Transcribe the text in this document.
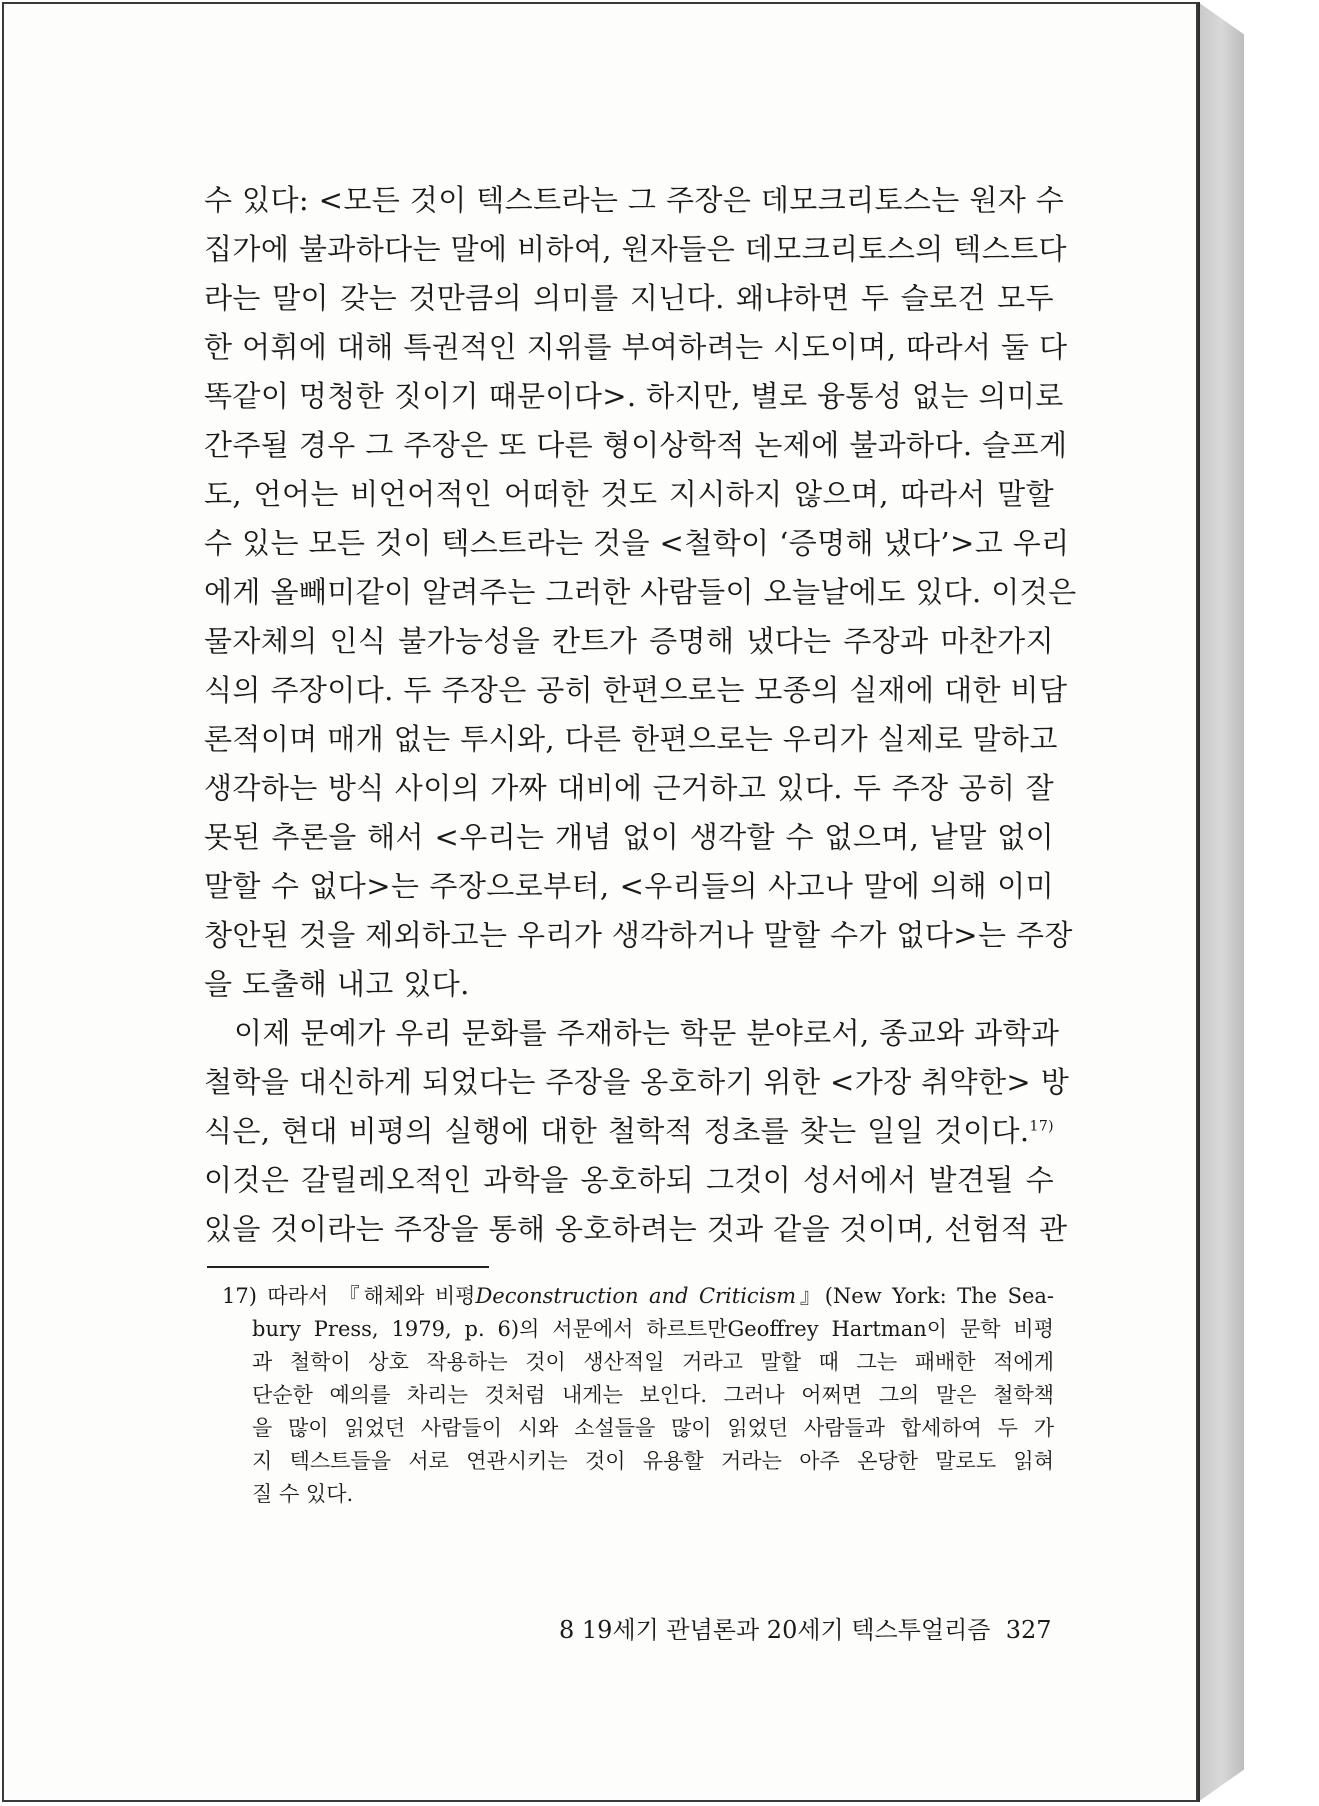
수 있다: <모든 것이 텍스트라는 그 주장은 데모크리토스는 원자 수
집가에 불과하다는 말에 비하여, 원자들은 데모크리토스의 텍스트다
라는 말이 갖는 것만큼의 의미를 지닌다. 왜냐하면 두 슬로건 모두
한 어휘에 대해 특권적인 지위를 부여하려는 시도이며, 따라서 둘 다
똑같이 멍청한 짓이기 때문이다>. 하지만, 별로 융통성 없는 의미로
간주될 경우 그 주장은 또 다른 형이상학적 논제에 불과하다. 슬프게
도, 언어는 비언어적인 어떠한 것도 지시하지 않으며, 따라서 말할
수 있는 모든 것이 텍스트라는 것을 <철학이 ‘증명해 냈다’>고 우리
에게 올빼미같이 알려주는 그러한 사람들이 오늘날에도 있다. 이것은
물자체의 인식 불가능성을 칸트가 증명해 냈다는 주장과 마찬가지
식의 주장이다. 두 주장은 공히 한편으로는 모종의 실재에 대한 비담
론적이며 매개 없는 투시와, 다른 한편으로는 우리가 실제로 말하고
생각하는 방식 사이의 가짜 대비에 근거하고 있다. 두 주장 공히 잘
못된 추론을 해서 <우리는 개념 없이 생각할 수 없으며, 낱말 없이
말할 수 없다>는 주장으로부터, <우리들의 사고나 말에 의해 이미
창안된 것을 제외하고는 우리가 생각하거나 말할 수가 없다>는 주장
을 도출해 내고 있다.
이제 문예가 우리 문화를 주재하는 학문 분야로서, 종교와 과학과
철학을 대신하게 되었다는 주장을 옹호하기 위한 <가장 취약한> 방
식은, 현대 비평의 실행에 대한 철학적 정초를 찾는 일일 것이다.$^{17)}$
이것은 갈릴레오적인 과학을 옹호하되 그것이 성서에서 발견될 수
있을 것이라는 주장을 통해 옹호하려는 것과 같을 것이며, 선험적 관
17) 따라서 『해체와 비평Deconstruction and Criticism』(New York: The Sea-
bury Press, 1979, p. 6)의 서문에서 하르트만Geoffrey Hartman이 문학 비평
과 철학이 상호 작용하는 것이 생산적일 거라고 말할 때 그는 패배한 적에게
단순한 예의를 차리는 것처럼 내게는 보인다. 그러나 어쩌면 그의 말은 철학책
을 많이 읽었던 사람들이 시와 소설들을 많이 읽었던 사람들과 합세하여 두 가
지 텍스트들을 서로 연관시키는 것이 유용할 거라는 아주 온당한 말로도 읽혀
질 수 있다.
8 19세기 관념론과 20세기 텍스투얼리즘 327
